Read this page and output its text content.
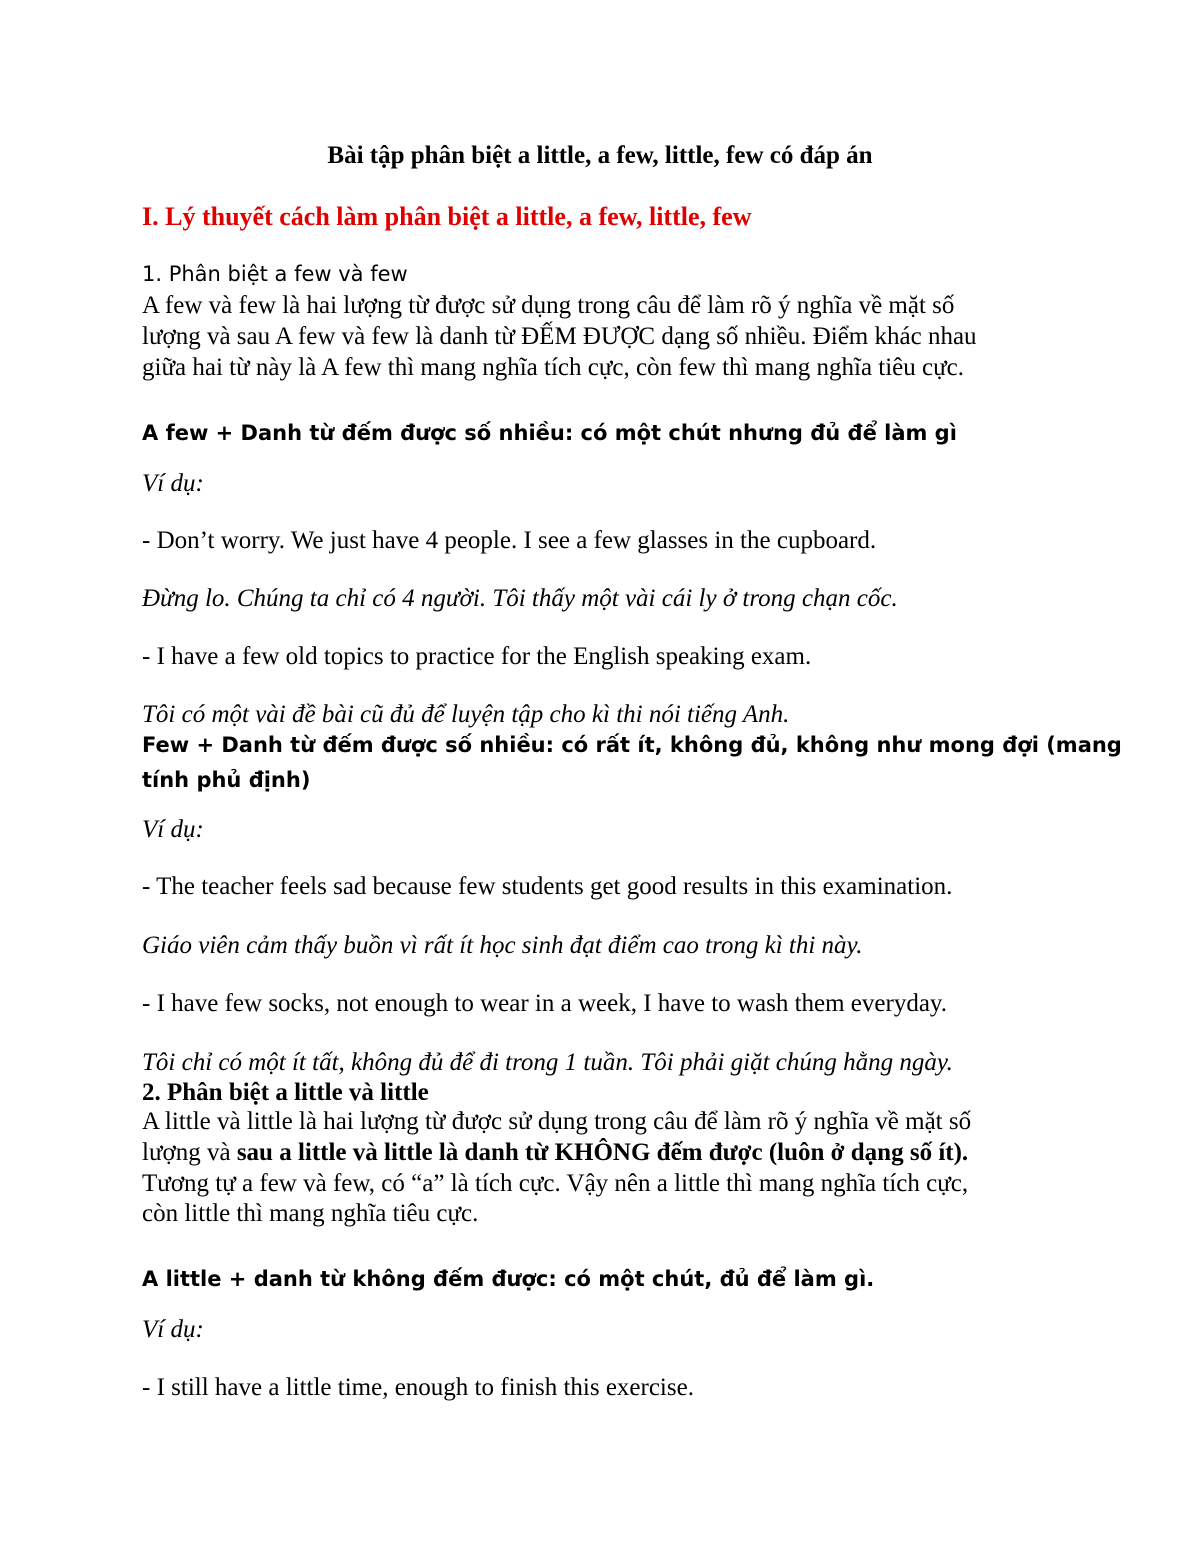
Bài tập phân biệt a little, a few, little, few có đáp án

I. Lý thuyết cách làm phân biệt a little, a few, little, few

1. Phân biệt a few và few

A few và few là hai lượng từ được sử dụng trong câu để làm rõ ý nghĩa về mặt số

lượng và sau A few và few là danh từ ĐẾM ĐƯỢC dạng số nhiều. Điểm khác nhau

giữa hai từ này là A few thì mang nghĩa tích cực, còn few thì mang nghĩa tiêu cực.

A few + Danh từ đếm được số nhiều: có một chút nhưng đủ để làm gì

Ví dụ:

- Don’t worry. We just have 4 people. I see a few glasses in the cupboard.

Đừng lo. Chúng ta chỉ có 4 người. Tôi thấy một vài cái ly ở trong chạn cốc.

- I have a few old topics to practice for the English speaking exam.

Tôi có một vài đề bài cũ đủ để luyện tập cho kì thi nói tiếng Anh.

Few + Danh từ đếm được số nhiều: có rất ít, không đủ, không như mong đợi (mang

tính phủ định)

Ví dụ:

- The teacher feels sad because few students get good results in this examination.

Giáo viên cảm thấy buồn vì rất ít học sinh đạt điểm cao trong kì thi này.

- I have few socks, not enough to wear in a week, I have to wash them everyday.

Tôi chỉ có một ít tất, không đủ để đi trong 1 tuần. Tôi phải giặt chúng hằng ngày.

2. Phân biệt a little và little

A little và little là hai lượng từ được sử dụng trong câu để làm rõ ý nghĩa về mặt số

lượng và sau a little và little là danh từ KHÔNG đếm được (luôn ở dạng số ít).

Tương tự a few và few, có “a” là tích cực. Vậy nên a little thì mang nghĩa tích cực,

còn little thì mang nghĩa tiêu cực.

A little + danh từ không đếm được: có một chút, đủ để làm gì.

Ví dụ:

- I still have a little time, enough to finish this exercise.
